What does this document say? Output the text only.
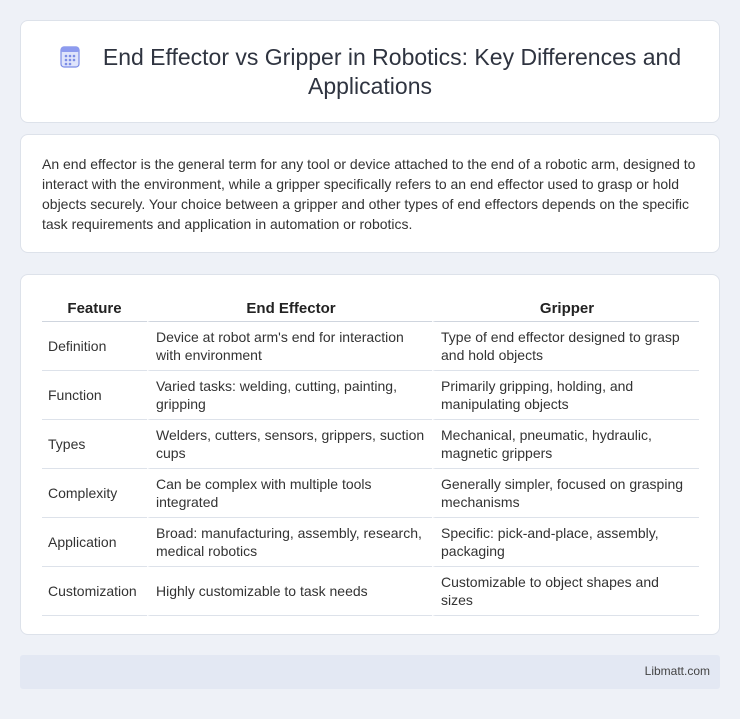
End Effector vs Gripper in Robotics: Key Differences and Applications

An end effector is the general term for any tool or device attached to the end of a robotic arm, designed to interact with the environment, while a gripper specifically refers to an end effector used to grasp or hold objects securely. Your choice between a gripper and other types of end effectors depends on the specific task requirements and application in automation or robotics.

Feature	End Effector	Gripper
Definition	Device at robot arm's end for interaction with environment	Type of end effector designed to grasp and hold objects
Function	Varied tasks: welding, cutting, painting, gripping	Primarily gripping, holding, and manipulating objects
Types	Welders, cutters, sensors, grippers, suction cups	Mechanical, pneumatic, hydraulic, magnetic grippers
Complexity	Can be complex with multiple tools integrated	Generally simpler, focused on grasping mechanisms
Application	Broad: manufacturing, assembly, research, medical robotics	Specific: pick-and-place, assembly, packaging
Customization	Highly customizable to task needs	Customizable to object shapes and sizes
Libmatt.com
